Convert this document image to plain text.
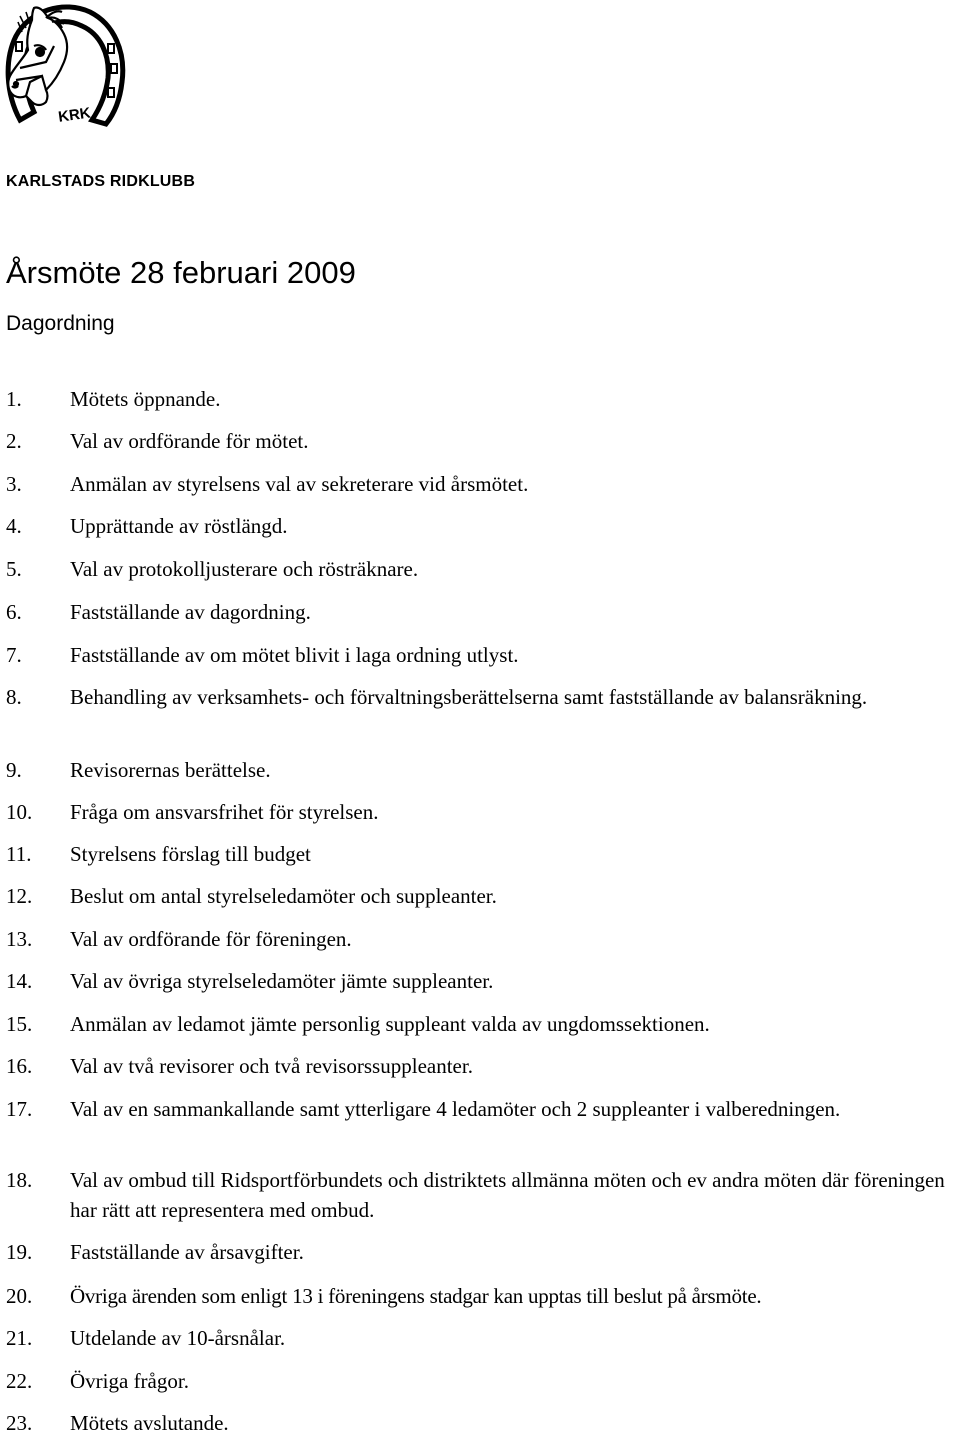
KRK
KARLSTADS RIDKLUBB
Årsmöte 28 februari 2009
Dagordning
1. Mötets öppnande.
2. Val av ordförande för mötet.
3. Anmälan av styrelsens val av sekreterare vid årsmötet.
4. Upprättande av röstlängd.
5. Val av protokolljusterare och rösträknare.
6. Fastställande av dagordning.
7. Fastställande av om mötet blivit i laga ordning utlyst.
8. Behandling av verksamhets- och förvaltningsberättelserna samt fastställande av balansräkning.
9. Revisorernas berättelse.
10. Fråga om ansvarsfrihet för styrelsen.
11. Styrelsens förslag till budget
12. Beslut om antal styrelseledamöter och suppleanter.
13. Val av ordförande för föreningen.
14. Val av övriga styrelseledamöter jämte suppleanter.
15. Anmälan av ledamot jämte personlig suppleant valda av ungdomssektionen.
16. Val av två revisorer och två revisorssuppleanter.
17. Val av en sammankallande samt ytterligare 4 ledamöter och 2 suppleanter i valberedningen.
18. Val av ombud till Ridsportförbundets och distriktets allmänna möten och ev andra möten där föreningen har rätt att representera med ombud.
19. Fastställande av årsavgifter.
20. Övriga ärenden som enligt 13 i föreningens stadgar kan upptas till beslut på årsmöte.
21. Utdelande av 10-årsnålar.
22. Övriga frågor.
23. Mötets avslutande.
